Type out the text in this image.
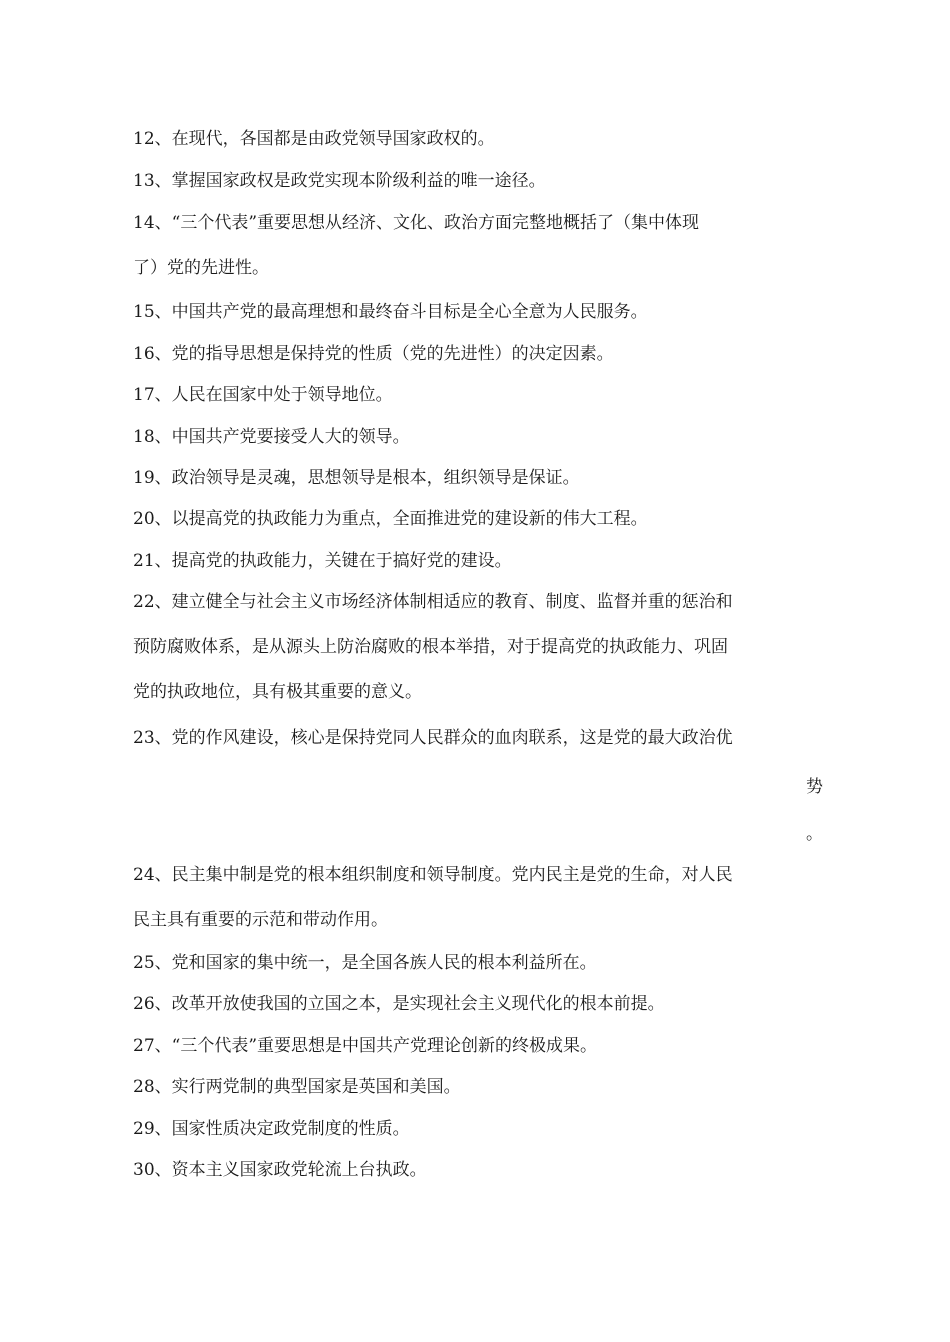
12、在现代，各国都是由政党领导国家政权的。
13、掌握国家政权是政党实现本阶级利益的唯一途径。
14、“三个代表”重要思想从经济、文化、政治方面完整地概括了（集中体现
了）党的先进性。
15、中国共产党的最高理想和最终奋斗目标是全心全意为人民服务。
16、党的指导思想是保持党的性质（党的先进性）的决定因素。
17、人民在国家中处于领导地位。
18、中国共产党要接受人大的领导。
19、政治领导是灵魂，思想领导是根本，组织领导是保证。
20、以提高党的执政能力为重点，全面推进党的建设新的伟大工程。
21、提高党的执政能力，关键在于搞好党的建设。
22、建立健全与社会主义市场经济体制相适应的教育、制度、监督并重的惩治和
预防腐败体系，是从源头上防治腐败的根本举措，对于提高党的执政能力、巩固
党的执政地位，具有极其重要的意义。
23、党的作风建设，核心是保持党同人民群众的血肉联系，这是党的最大政治优
势
。
24、民主集中制是党的根本组织制度和领导制度。党内民主是党的生命，对人民
民主具有重要的示范和带动作用。
25、党和国家的集中统一，是全国各族人民的根本利益所在。
26、改革开放使我国的立国之本，是实现社会主义现代化的根本前提。
27、“三个代表”重要思想是中国共产党理论创新的终极成果。
28、实行两党制的典型国家是英国和美国。
29、国家性质决定政党制度的性质。
30、资本主义国家政党轮流上台执政。
